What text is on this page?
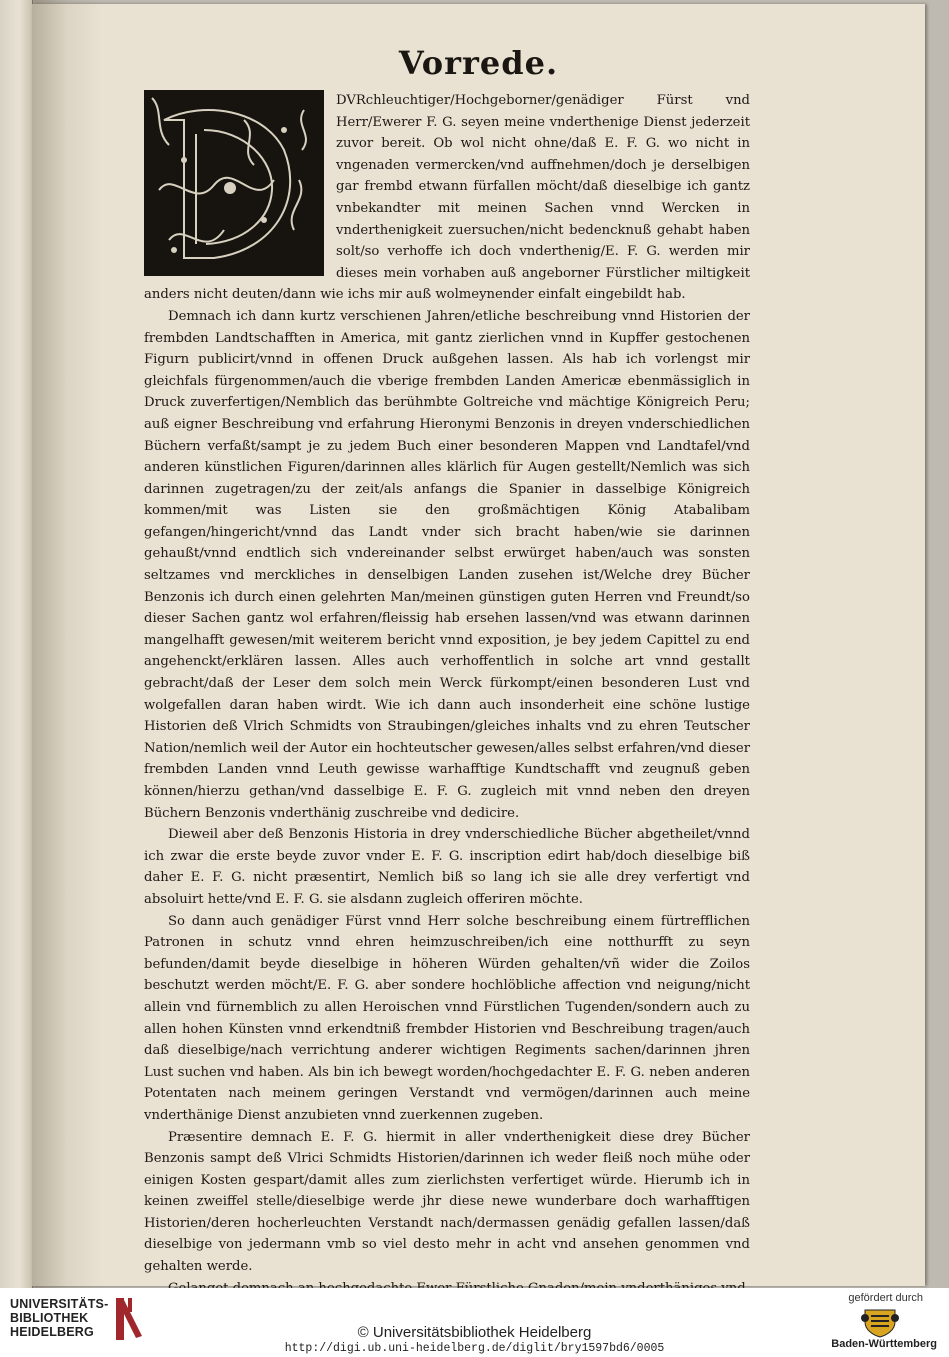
Vorrede.

DVRchleuchtiger/Hochgeborner/genädiger Fürst vnd Herr/Ewerer F. G. seyen meine vnderthenige Dienst jederzeit zuvor bereit. Ob wol nicht ohne/daß E. F. G. wo nicht in vngenaden vermercken/vnd auffnehmen/doch je derselbigen gar frembd etwann fürfallen möcht/daß dieselbige ich gantz vnbekandter mit meinen Sachen vnnd Wercken in vnderthenigkeit zuersuchen/nicht bedencknuß gehabt haben solt/so verhoffe ich doch vnderthenig/E. F. G. werden mir dieses mein vorhaben auß angeborner Fürstlicher miltigkeit anders nicht deuten/dann wie ichs mir auß wolmeynender einfalt eingebildt hab.

Demnach ich dann kurtz verschienen Jahren/etliche beschreibung vnnd Historien der frembden Landtschafften in America, mit gantz zierlichen vnnd in Kupffer gestochenen Figurn publicirt/vnnd in offenen Druck außgehen lassen. Als hab ich vorlengst mir gleichfals fürgenommen/auch die vberige frembden Landen Americæ ebenmässiglich in Druck zuverfertigen/Nemblich das berühmbte Goltreiche vnd mächtige Königreich Peru; auß eigner Beschreibung vnd erfahrung Hieronymi Benzonis in dreyen vnderschiedlichen Büchern verfaßt/sampt je zu jedem Buch einer besonderen Mappen vnd Landtafel/vnd anderen künstlichen Figuren/darinnen alles klärlich für Augen gestellt/Nemlich was sich darinnen zugetragen/zu der zeit/als anfangs die Spanier in dasselbige Königreich kommen/mit was Listen sie den großmächtigen König Atabalibam gefangen/hingericht/vnnd das Landt vnder sich bracht haben/wie sie darinnen gehaußt/vnnd endtlich sich vndereinander selbst erwürget haben/auch was sonsten seltzames vnd merckliches in denselbigen Landen zusehen ist/Welche drey Bücher Benzonis ich durch einen gelehrten Man/meinen günstigen guten Herren vnd Freundt/so dieser Sachen gantz wol erfahren/fleissig hab ersehen lassen/vnd was etwann darinnen mangelhafft gewesen/mit weiterem bericht vnnd exposition, je bey jedem Capittel zu end angehenckt/erklären lassen. Alles auch verhoffentlich in solche art vnnd gestallt gebracht/daß der Leser dem solch mein Werck fürkompt/einen besonderen Lust vnd wolgefallen daran haben wirdt. Wie ich dann auch insonderheit eine schöne lustige Historien deß Vlrich Schmidts von Straubingen/gleiches inhalts vnd zu ehren Teutscher Nation/nemlich weil der Autor ein hochteutscher gewesen/alles selbst erfahren/vnd dieser frembden Landen vnnd Leuth gewisse warhafftige Kundtschafft vnd zeugnuß geben können/hierzu gethan/vnd dasselbige E. F. G. zugleich mit vnnd neben den dreyen Büchern Benzonis vnderthänig zuschreibe vnd dedicire.

Dieweil aber deß Benzonis Historia in drey vnderschiedliche Bücher abgetheilet/vnnd ich zwar die erste beyde zuvor vnder E. F. G. inscription edirt hab/doch dieselbige biß daher E. F. G. nicht præsentirt, Nemlich biß so lang ich sie alle drey verfertigt vnd absoluirt hette/vnd E. F. G. sie alsdann zugleich offeriren möchte.

So dann auch genädiger Fürst vnnd Herr solche beschreibung einem fürtrefflichen Patronen in schutz vnnd ehren heimzuschreiben/ich eine notthurfft zu seyn befunden/damit beyde dieselbige in höheren Würden gehalten/vñ wider die Zoilos beschutzt werden möcht/E. F. G. aber sondere hochlöbliche affection vnd neigung/nicht allein vnd fürnemblich zu allen Heroischen vnnd Fürstlichen Tugenden/sondern auch zu allen hohen Künsten vnnd erkendtniß frembder Historien vnd Beschreibung tragen/auch daß dieselbige/nach verrichtung anderer wichtigen Regiments sachen/darinnen jhren Lust suchen vnd haben. Als bin ich bewegt worden/hochgedachter E. F. G. neben anderen Potentaten nach meinem geringen Verstandt vnd vermögen/darinnen auch meine vnderthänige Dienst anzubieten vnnd zuerkennen zugeben.

Præsentire demnach E. F. G. hiermit in aller vnderthenigkeit diese drey Bücher Benzonis sampt deß Vlrici Schmidts Historien/darinnen ich weder fleiß noch mühe oder einigen Kosten gespart/damit alles zum zierlichsten verfertiget würde. Hierumb ich in keinen zweiffel stelle/dieselbige werde jhr diese newe wunderbare doch warhafftigen Historien/deren hocherleuchten Verstandt nach/dermassen genädig gefallen lassen/daß dieselbige von jedermann vmb so viel desto mehr in acht vnd ansehen genommen vnd gehalten werde.

UNIVERSITÄTS-
BIBLIOTHEK
HEIDELBERG	© Universitätsbibliothek Heidelberg
http://digi.ub.uni-heidelberg.de/diglit/bry1597bd6/0005
gefördert durch
Baden-Württemberg
